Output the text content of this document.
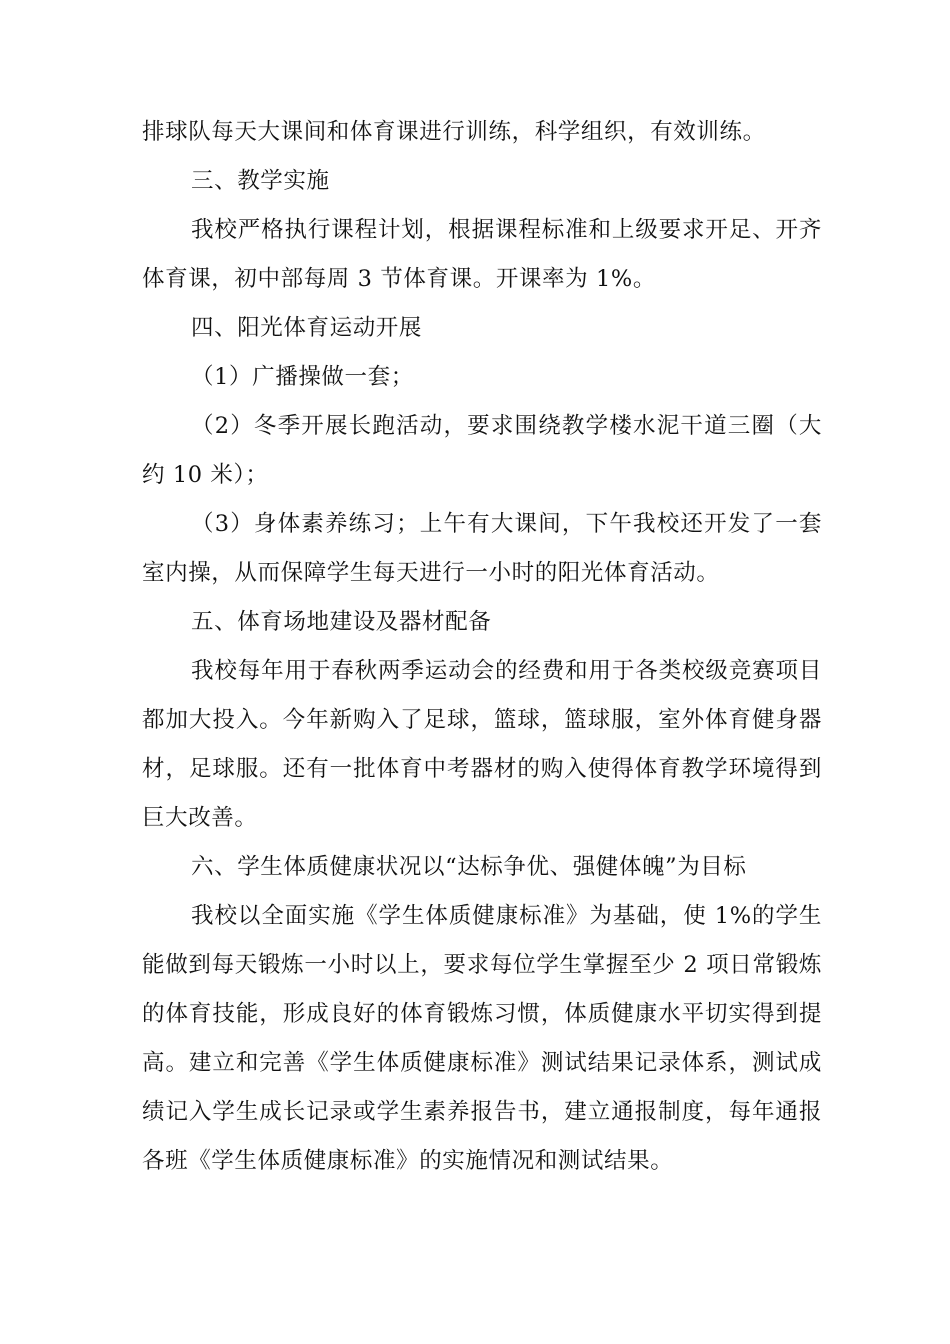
排球队每天大课间和体育课进行训练，科学组织，有效训练。

三、教学实施

我校严格执行课程计划，根据课程标准和上级要求开足、开齐体育课，初中部每周 3 节体育课。开课率为 1%。

四、阳光体育运动开展

（1）广播操做一套；

（2）冬季开展长跑活动，要求围绕教学楼水泥干道三圈（大约 10 米）；

（3）身体素养练习；上午有大课间，下午我校还开发了一套室内操，从而保障学生每天进行一小时的阳光体育活动。

五、体育场地建设及器材配备

我校每年用于春秋两季运动会的经费和用于各类校级竞赛项目都加大投入。今年新购入了足球，篮球，篮球服，室外体育健身器材，足球服。还有一批体育中考器材的购入使得体育教学环境得到巨大改善。

六、学生体质健康状况以“达标争优、强健体魄”为目标

我校以全面实施《学生体质健康标准》为基础，使 1%的学生能做到每天锻炼一小时以上，要求每位学生掌握至少 2 项日常锻炼的体育技能，形成良好的体育锻炼习惯，体质健康水平切实得到提高。建立和完善《学生体质健康标准》测试结果记录体系，测试成绩记入学生成长记录或学生素养报告书，建立通报制度，每年通报各班《学生体质健康标准》的实施情况和测试结果。
